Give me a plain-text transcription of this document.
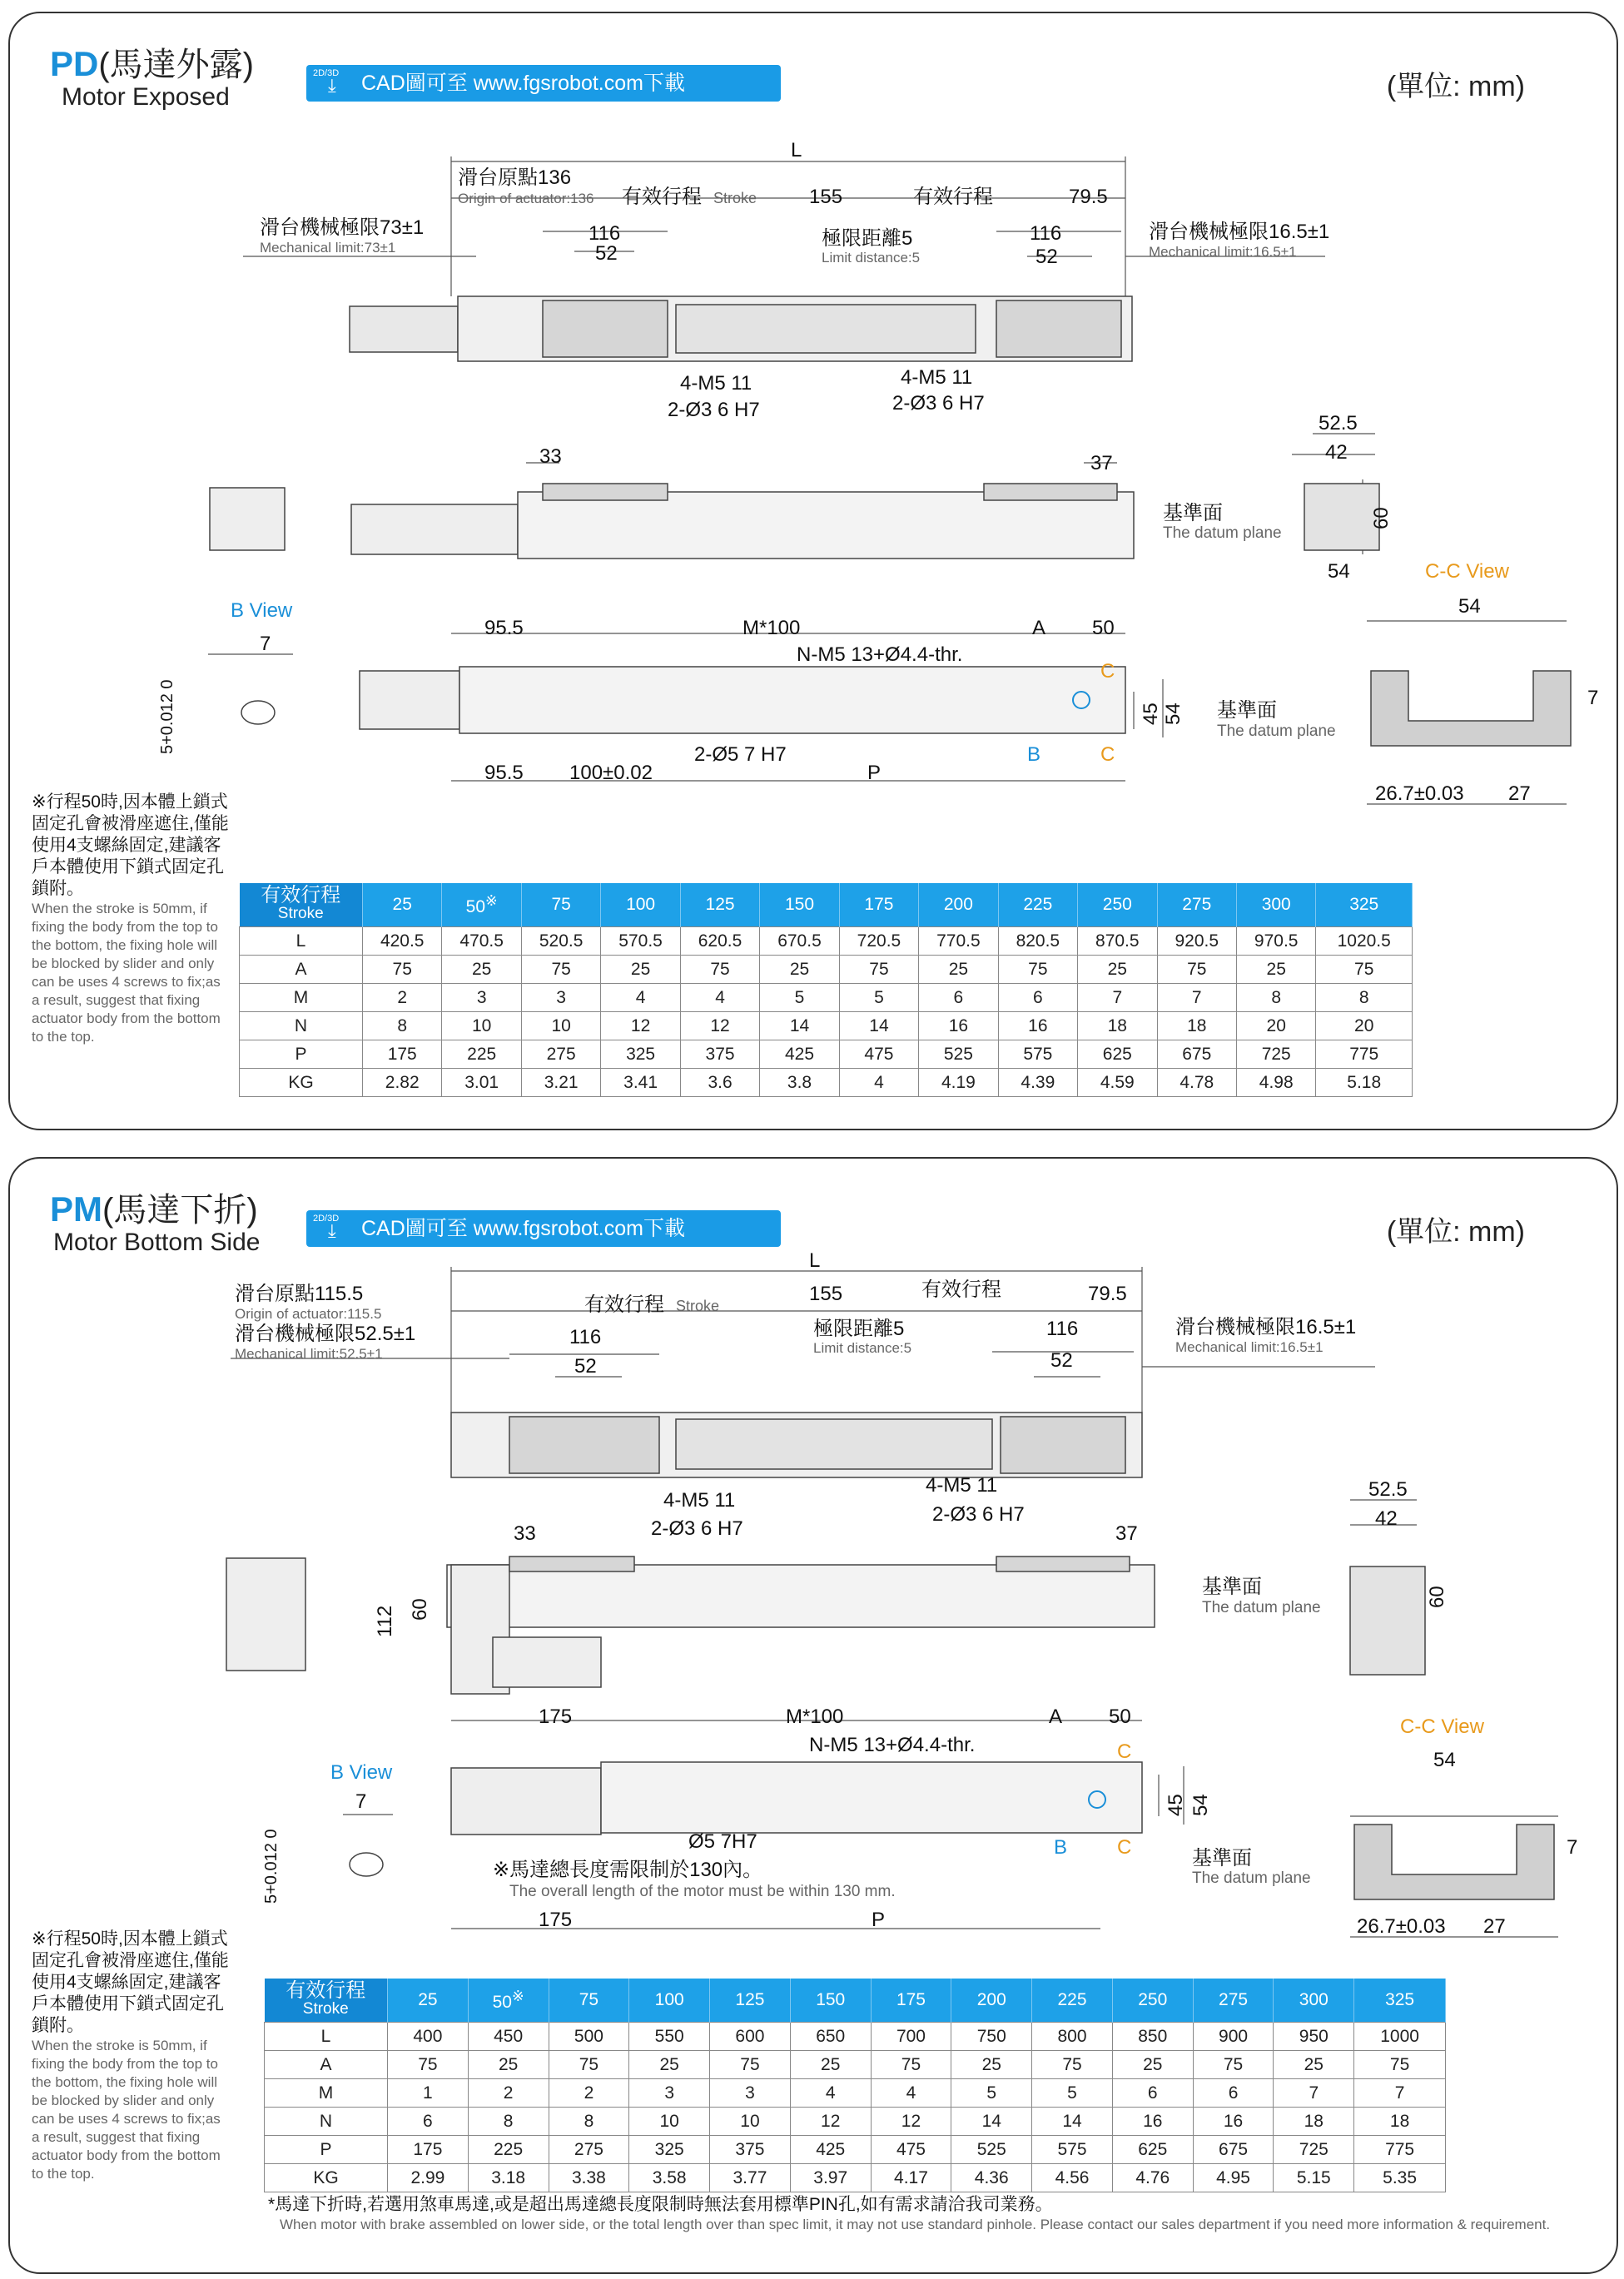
PD(馬達外露)
Motor Exposed
2D/3D
⤓ CAD圖可至 www.fgsrobot.com下載	(單位: mm)
L
滑台原點136
Origin of actuator:136 有效行程 Stroke	155	有效行程	79.5
滑台機械極限73±1
Mechanical limit:73±1
滑台機械極限16.5±1
Mechanical limit:16.5±1
116
52
極限距離5
Limit distance:5
116
52
4-M5 11
2-Ø3 6 H7
4-M5 11
2-Ø3 6 H7
33	37
52.5
42
60
54
基準面
The datum plane
C-C View
54
B View
7
5+0.012 0
95.5	M*100	A 50
N-M5 13+Ø4.4-thr.
C
C
45 54 基準面
The datum plane
7
2-Ø5 7 H7	B
95.5 100±0.02	P
26.7±0.03 27
※行程50時,因本體上鎖式固定孔會被滑座遮住,僅能使用4支螺絲固定,建議客戶本體使用下鎖式固定孔鎖附。
When the stroke is 50mm, if fixing the body from the top to the bottom, the fixing hole will be blocked by slider and only can be uses 4 screws to fix;as a result, suggest that fixing actuator body from the bottom to the top.
有效行程
Stroke	25	50※	75	100	125	150	175	200	225	250	275	300	325
L	420.5	470.5	520.5	570.5	620.5	670.5	720.5	770.5	820.5	870.5	920.5	970.5	1020.5
A	75	25	75	25	75	25	75	25	75	25	75	25	75
M	2	3	3	4	4	5	5	6	6	7	7	8	8
N	8	10	10	12	12	14	14	16	16	18	18	20	20
P	175	225	275	325	375	425	475	525	575	625	675	725	775
KG	2.82	3.01	3.21	3.41	3.6	3.8	4	4.19	4.39	4.59	4.78	4.98	5.18
PM(馬達下折)
Motor Bottom Side
2D/3D
⤓ CAD圖可至 www.fgsrobot.com下載	(單位: mm)
L
滑台原點115.5
Origin of actuator:115.5	有效行程 Stroke
155	有效行程	79.5
滑台機械極限52.5±1
Mechanical limit:52.5±1
滑台機械極限16.5±1
Mechanical limit:16.5±1
116
52
極限距離5
Limit distance:5
116
52
4-M5 11
2-Ø3 6 H7
4-M5 11
2-Ø3 6 H7
33	37
60
112
52.5
42
60
基準面
The datum plane
175	M*100	A 50
N-M5 13+Ø4.4-thr.	C
C
45 54
C-C View
54
B View
7
5+0.012 0	Ø5 7H7	B
※馬達總長度需限制於130內。
The overall length of the motor must be within 130 mm.
基準面
The datum plane
7
175	P	26.7±0.03 27
※行程50時,因本體上鎖式固定孔會被滑座遮住,僅能使用4支螺絲固定,建議客戶本體使用下鎖式固定孔鎖附。
When the stroke is 50mm, if fixing the body from the top to the bottom, the fixing hole will be blocked by slider and only can be uses 4 screws to fix;as a result, suggest that fixing actuator body from the bottom to the top.
有效行程
Stroke	25	50※	75	100	125	150	175	200	225	250	275	300	325
L	400	450	500	550	600	650	700	750	800	850	900	950	1000
A	75	25	75	25	75	25	75	25	75	25	75	25	75
M	1	2	2	3	3	4	4	5	5	6	6	7	7
N	6	8	8	10	10	12	12	14	14	16	16	18	18
P	175	225	275	325	375	425	475	525	575	625	675	725	775
KG	2.99	3.18	3.38	3.58	3.77	3.97	4.17	4.36	4.56	4.76	4.95	5.15	5.35
*馬達下折時,若選用煞車馬達,或是超出馬達總長度限制時無法套用標準PIN孔,如有需求請洽我司業務。
When motor with brake assembled on lower side, or the total length over than spec limit, it may not use standard pinhole. Please contact our sales department if you need more information & requirement.
